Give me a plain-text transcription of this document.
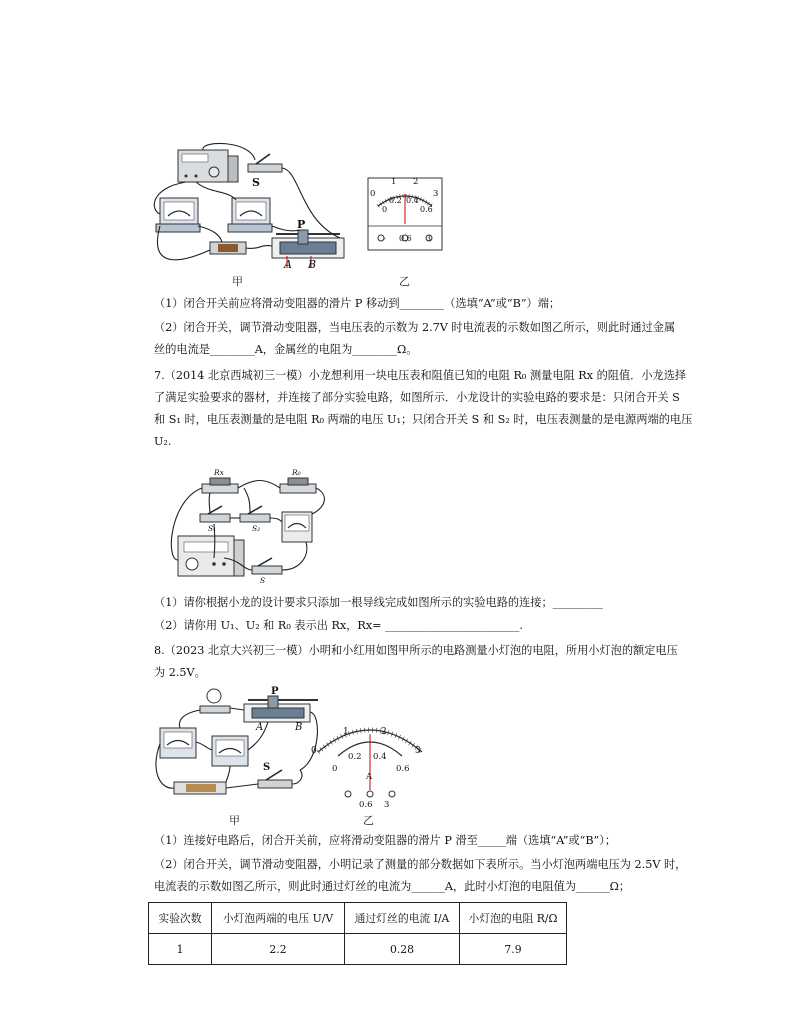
S
P
A B
0
1 2
3
0.2 0.4
0	0.6
- 0.6 3
甲	乙
（1）闭合开关前应将滑动变阻器的滑片 P 移动到________（选填“A”或“B”）端；
（2）闭合开关，调节滑动变阻器，当电压表的示数为 2.7V 时电流表的示数如图乙所示，则此时通过金属
丝的电流是________A，金属丝的电阻为________Ω。
7.（2014 北京西城初三一模）小龙想利用一块电压表和阻值已知的电阻 R₀ 测量电阻 Rx 的阻值．小龙选择
了满足实验要求的器材，并连接了部分实验电路，如图所示．小龙设计的实验电路的要求是：只闭合开关 S
和 S₁ 时，电压表测量的是电阻 R₀ 两端的电压 U₁；只闭合开关 S 和 S₂ 时，电压表测量的是电源两端的电压
U₂.
Rx	R₀
S₁	S₂
S
（1）请你根据小龙的设计要求只添加一根导线完成如图所示的实验电路的连接；_________
（2）请你用 U₁、U₂ 和 R₀ 表示出 Rx，Rx= ________________________.
8.（2023 北京大兴初三一模）小明和小红用如图甲所示的电路测量小灯泡的电阻，所用小灯泡的额定电压
为 2.5V。
P
A	B
S
0
1	2
3
0.2 0.4
0	0.6
A
0.6 3
甲	乙
（1）连接好电路后，闭合开关前，应将滑动变阻器的滑片 P 滑至_____端（选填“A”或“B”）；
（2）闭合开关，调节滑动变阻器，小明记录了测量的部分数据如下表所示。当小灯泡两端电压为 2.5V 时，
电流表的示数如图乙所示，则此时通过灯丝的电流为______A，此时小灯泡的电阻值为______Ω；
实验次数	小灯泡两端的电压 U/V	通过灯丝的电流 I/A	小灯泡的电阻 R/Ω
1	2.2	0.28	7.9
